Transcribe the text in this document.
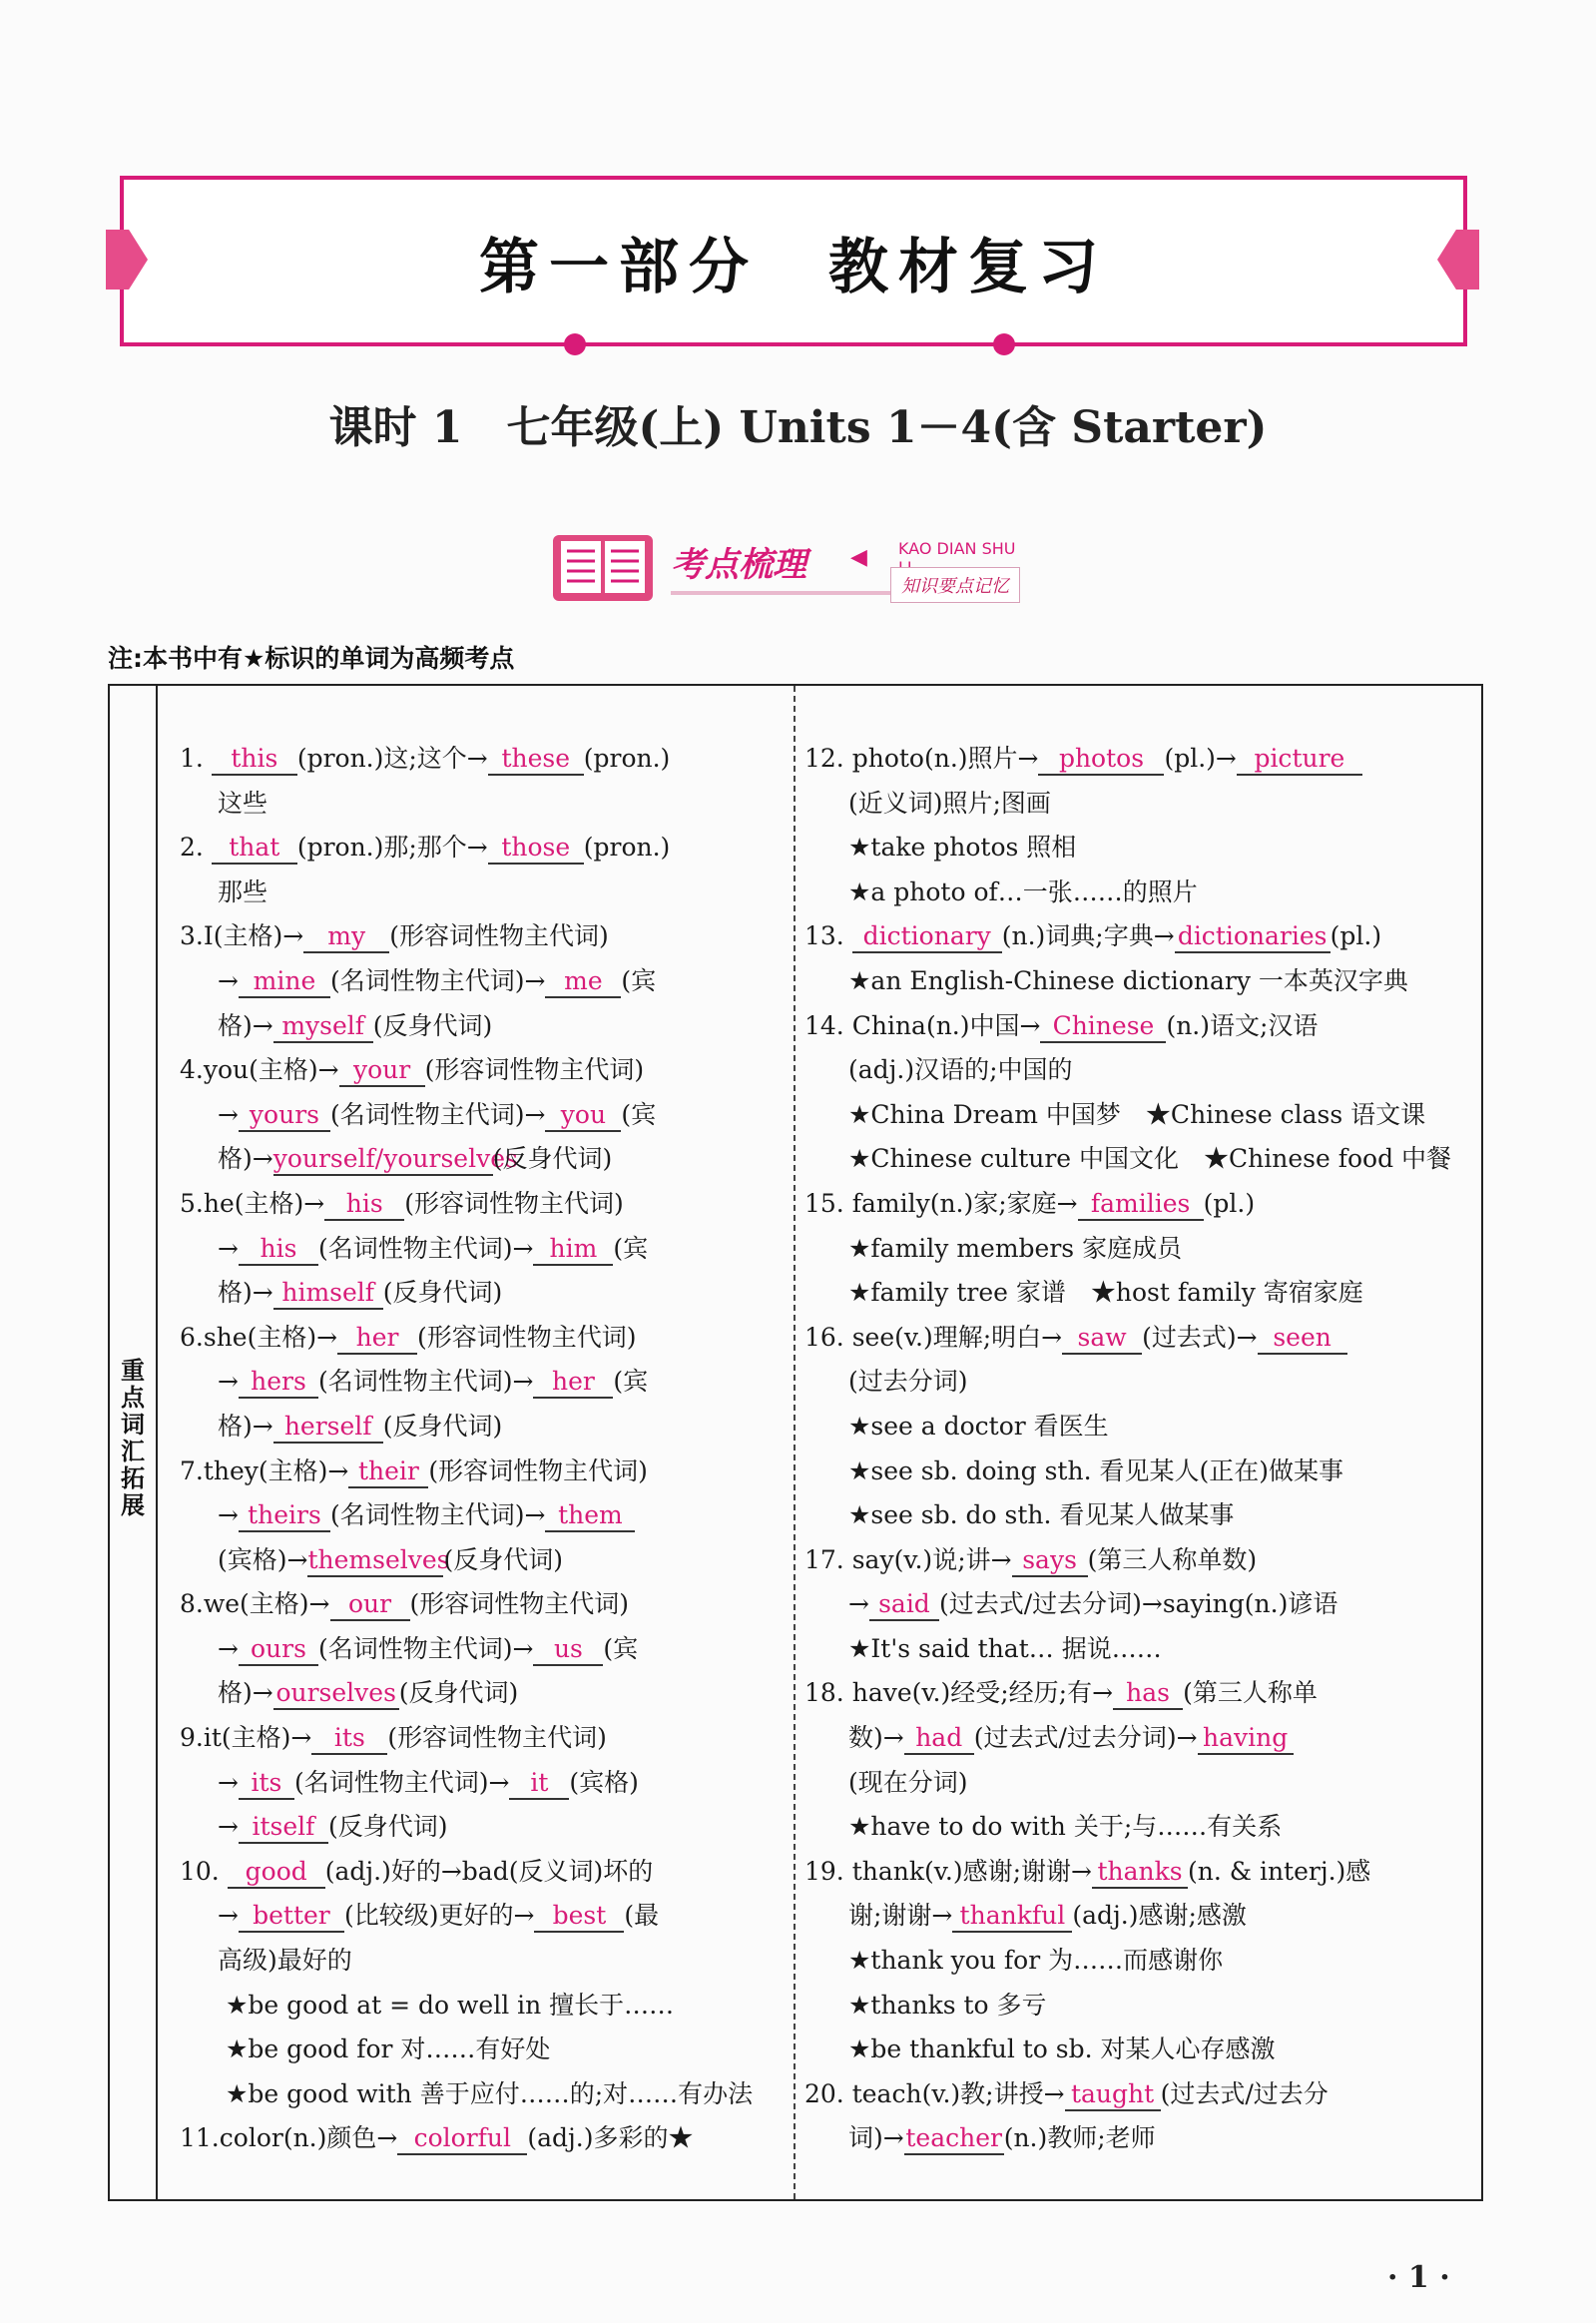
第一部分　教材复习
课时 1　七年级(上) Units 1－4(含 Starter)
考点梳理 ◀ KAO DIAN SHU
知识要点记忆
注:本书中有★标识的单词为高频考点
重点词汇拓展
1. this (pron.)这;这个→ these (pron.)
这些
2. that (pron.)那;那个→ those (pron.)
那些
3.I(主格)→ my (形容词性物主代词)
→ mine (名词性物主代词)→ me (宾
格)→ myself (反身代词)
4.you(主格)→ your (形容词性物主代词)
→ yours (名词性物主代词)→ you (宾
格)→yourself/yourselves(反身代词)
5.he(主格)→ his (形容词性物主代词)
→ his (名词性物主代词)→ him (宾
格)→ himself (反身代词)
6.she(主格)→ her (形容词性物主代词)
→ hers (名词性物主代词)→ her (宾
格)→ herself (反身代词)
7.they(主格)→ their (形容词性物主代词)
→ theirs (名词性物主代词)→ them
(宾格)→themselves(反身代词)
8.we(主格)→ our (形容词性物主代词)
→ ours (名词性物主代词)→ us (宾
格)→ ourselves (反身代词)
9.it(主格)→ its (形容词性物主代词)
→ its (名词性物主代词)→ it (宾格)
→ itself (反身代词)
10. good (adj.)好的→bad(反义词)坏的
→ better (比较级)更好的→ best (最
高级)最好的
★be good at = do well in 擅长于……
★be good for 对……有好处
★be good with 善于应付……的;对……有办法
11.color(n.)颜色→ colorful (adj.)多彩的★
12. photo(n.)照片→ photos (pl.)→ picture
(近义词)照片;图画
★take photos 照相
★a photo of…一张……的照片
13. dictionary (n.)词典;字典→ dictionaries (pl.)
★an English-Chinese dictionary 一本英汉字典
14. China(n.)中国→ Chinese (n.)语文;汉语
(adj.)汉语的;中国的
★China Dream 中国梦　★Chinese class 语文课
★Chinese culture 中国文化　★Chinese food 中餐
15. family(n.)家;家庭→ families (pl.)
★family members 家庭成员
★family tree 家谱　★host family 寄宿家庭
16. see(v.)理解;明白→ saw (过去式)→ seen
(过去分词)
★see a doctor 看医生
★see sb. doing sth. 看见某人(正在)做某事
★see sb. do sth. 看见某人做某事
17. say(v.)说;讲→ says (第三人称单数)
→ said (过去式/过去分词)→saying(n.)谚语
★It's said that… 据说……
18. have(v.)经受;经历;有→ has (第三人称单
数)→ had (过去式/过去分词)→ having
(现在分词)
★have to do with 关于;与……有关系
19. thank(v.)感谢;谢谢→ thanks (n. & interj.)感
谢;谢谢→ thankful (adj.)感谢;感激
★thank you for 为……而感谢你
★thanks to 多亏
★be thankful to sb. 对某人心存感激
20. teach(v.)教;讲授→ taught (过去式/过去分
词)→teacher(n.)教师;老师
· 1 ·
